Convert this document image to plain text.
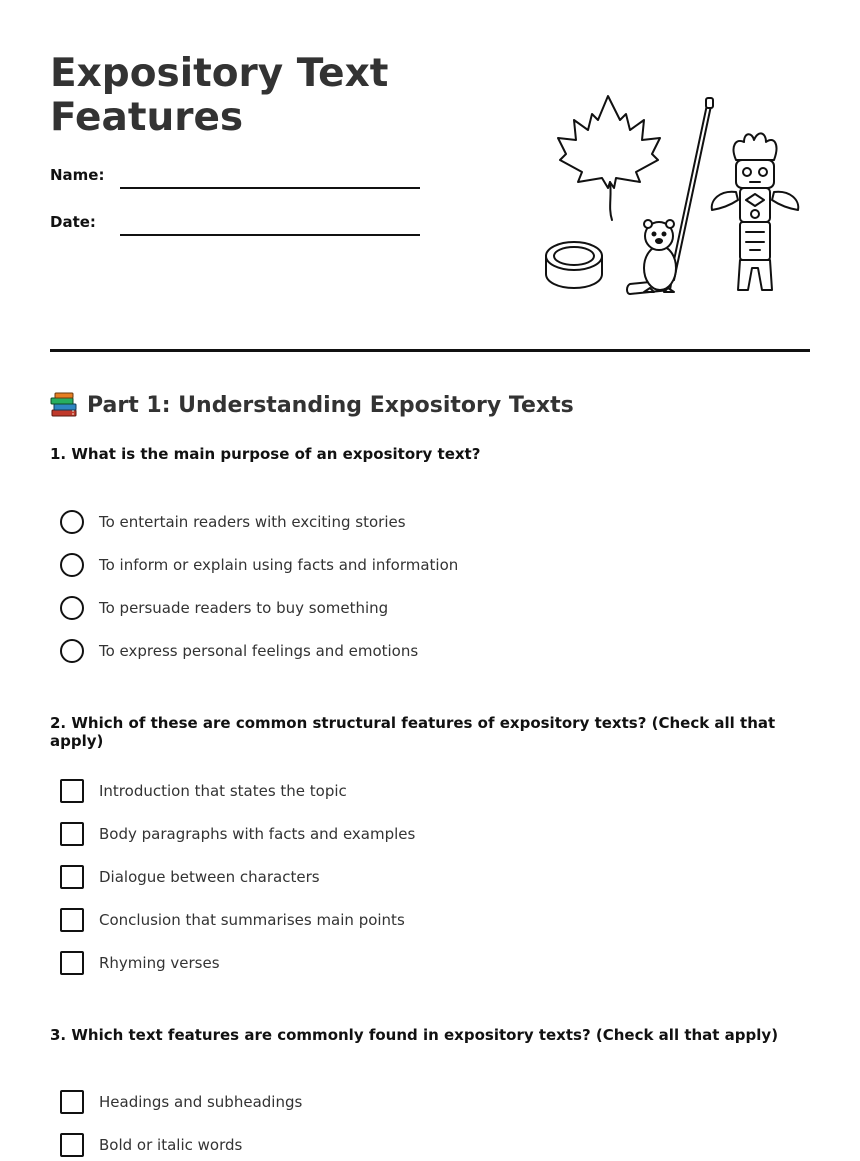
Expository Text
Features
Name:
Date:
Part 1: Understanding Expository Texts
1. What is the main purpose of an expository text?
To entertain readers with exciting stories
To inform or explain using facts and information
To persuade readers to buy something
To express personal feelings and emotions
2. Which of these are common structural features of expository texts? (Check all that apply)
Introduction that states the topic
Body paragraphs with facts and examples
Dialogue between characters
Conclusion that summarises main points
Rhyming verses
3. Which text features are commonly found in expository texts? (Check all that apply)
Headings and subheadings
Bold or italic words
